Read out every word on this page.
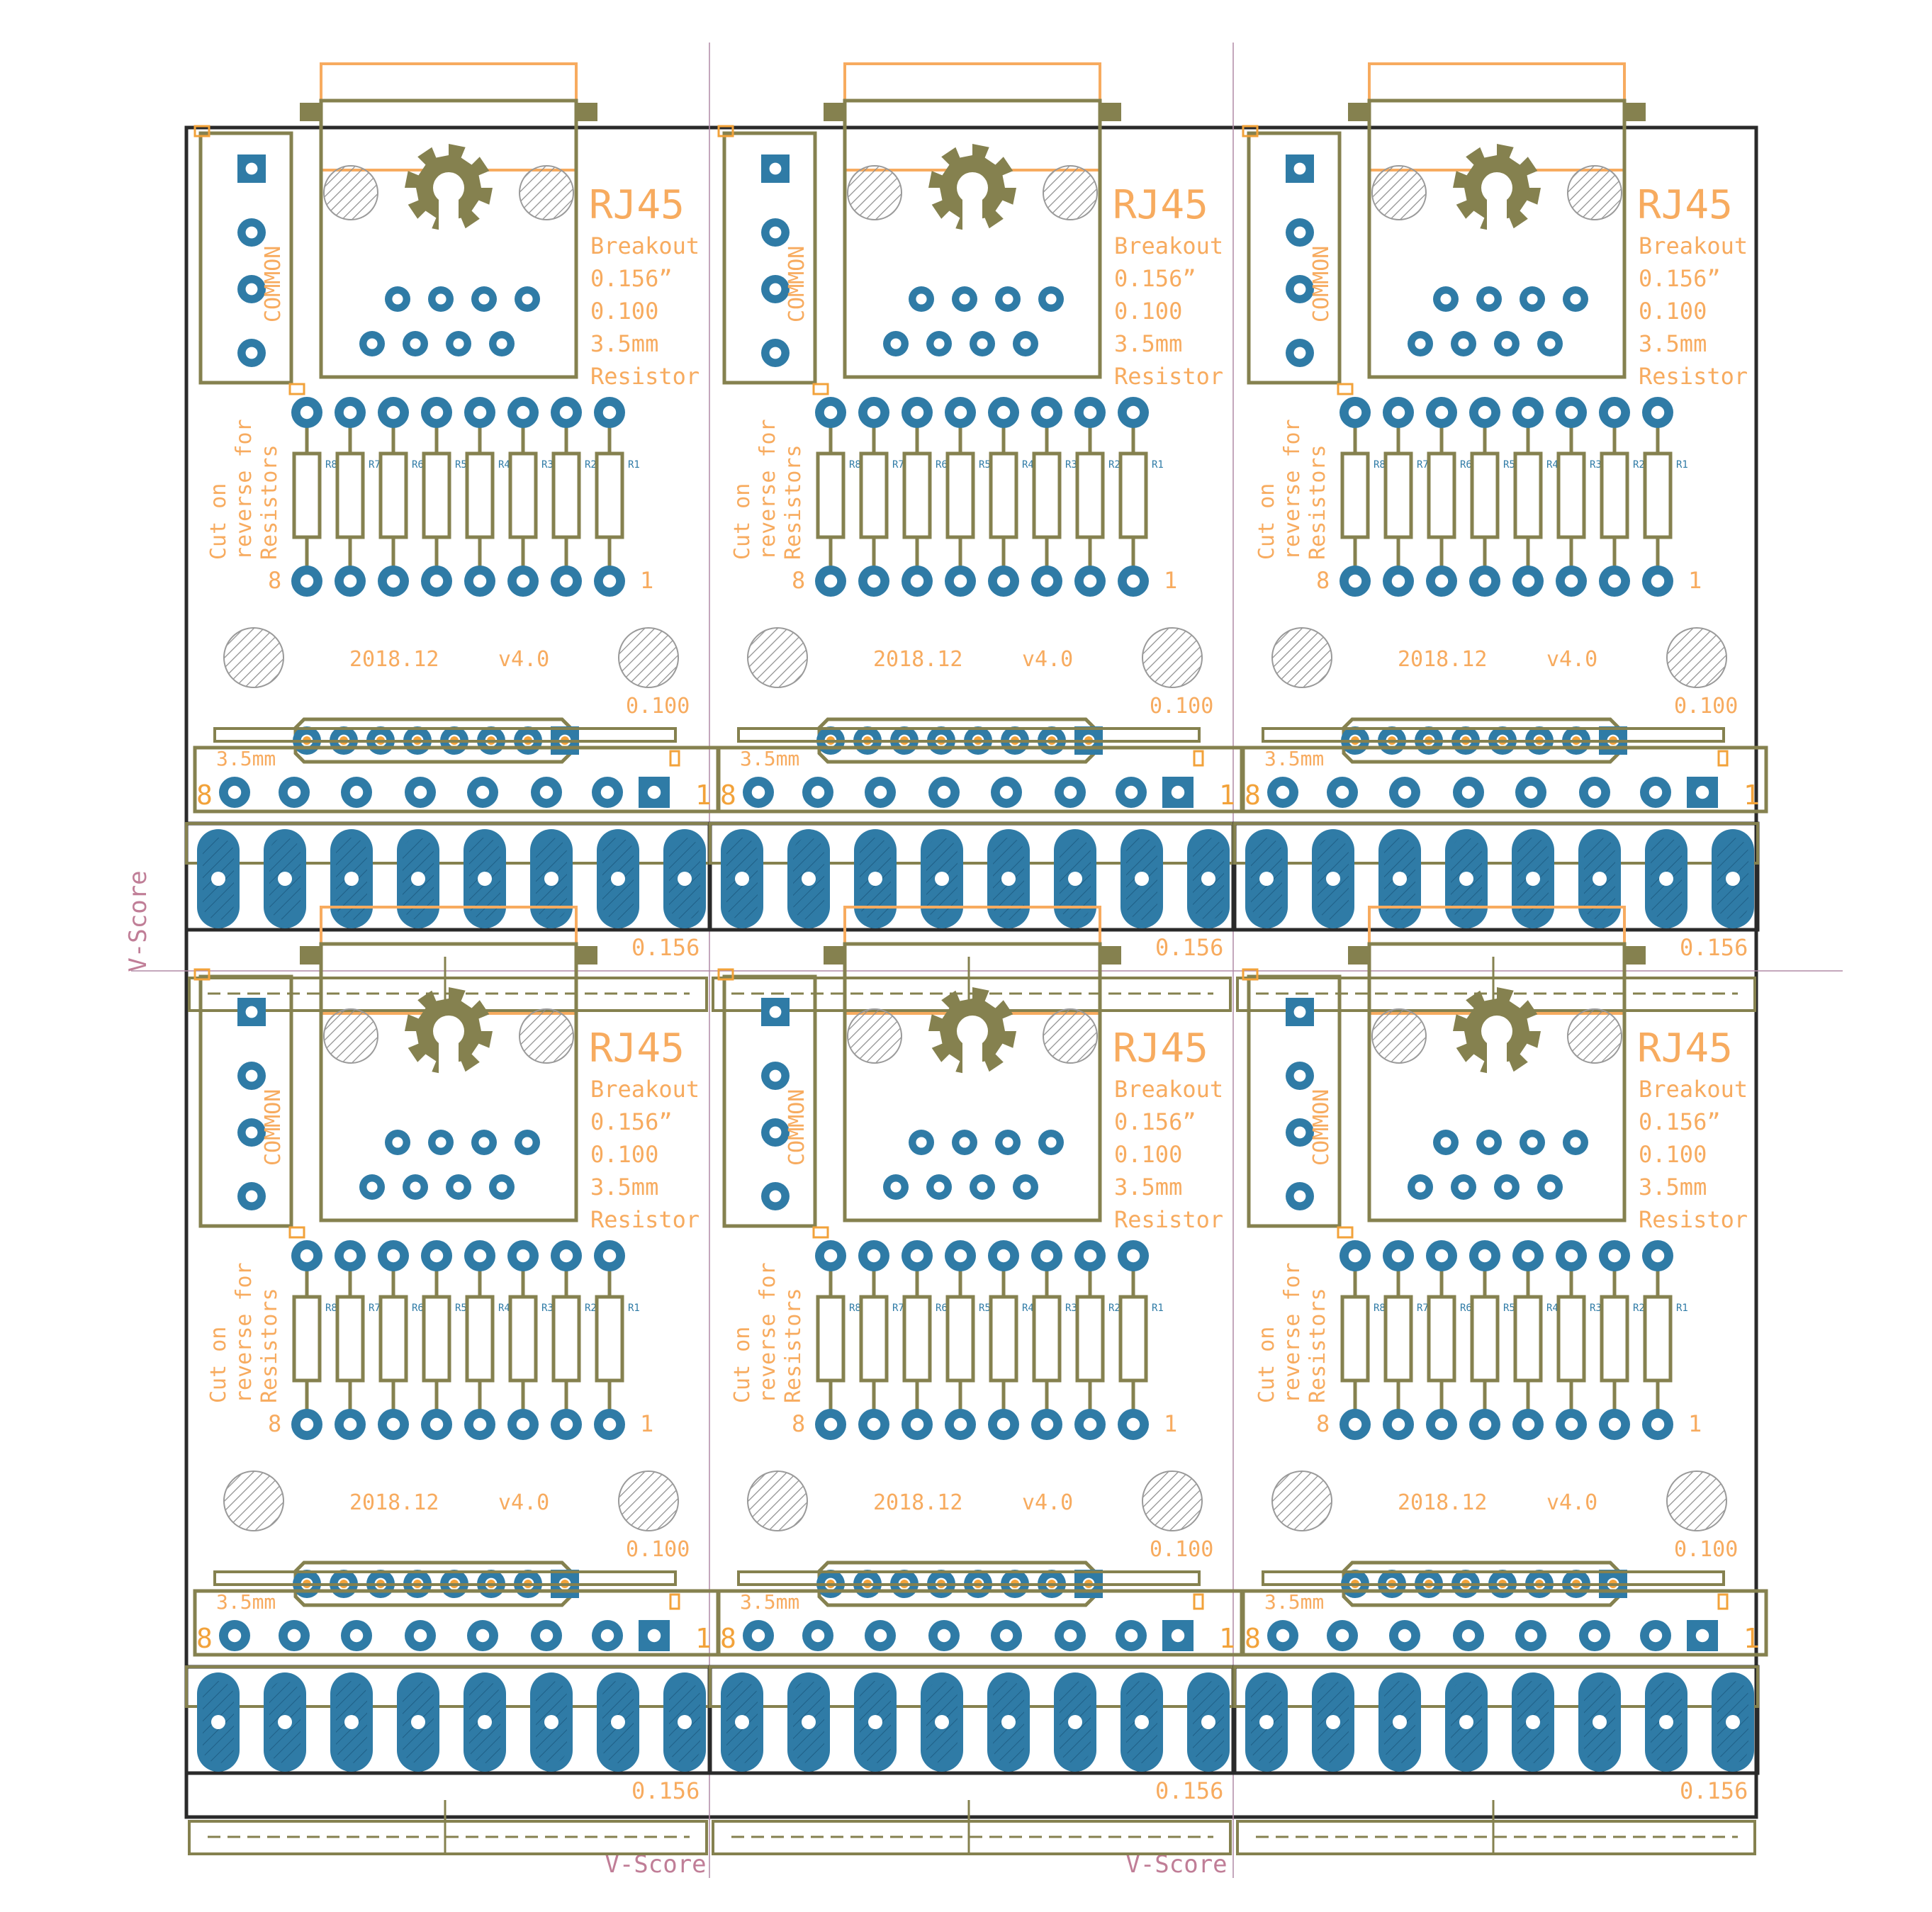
V-Score
V-Score	V-Score
RJ45
Breakout
0.156”
0.100
3.5mm
Resistor
COMMON
Cut on reverse for Resistors	R8	R7	R6	R5	R4	R3	R2	R1
8	1
2018.12	v4.0
0.100
3.5mm
8	1
0.156
RJ45
Breakout
0.156”
0.100
3.5mm
Resistor
COMMON
Cut on reverse for Resistors	R8	R7	R6	R5	R4	R3	R2	R1
8	1
2018.12	v4.0
0.100
3.5mm
8	1
0.156
RJ45
Breakout
0.156”
0.100
3.5mm
Resistor
COMMON
Cut on reverse for Resistors	R8	R7	R6	R5	R4	R3	R2	R1
8	1
2018.12	v4.0
0.100
3.5mm
8	1
0.156
RJ45
Breakout
0.156”
0.100
3.5mm
Resistor
COMMON
Cut on reverse for Resistors	R8	R7	R6	R5	R4	R3	R2	R1
8	1
2018.12	v4.0
0.100
3.5mm
8	1
0.156
RJ45
Breakout
0.156”
0.100
3.5mm
Resistor
COMMON
Cut on reverse for Resistors	R8	R7	R6	R5	R4	R3	R2	R1
8	1
2018.12	v4.0
0.100
3.5mm
8	1
0.156
RJ45
Breakout
0.156”
0.100
3.5mm
Resistor
COMMON
Cut on reverse for Resistors	R8	R7	R6	R5	R4	R3	R2	R1
8	1
2018.12	v4.0
0.100
3.5mm
8	1
0.156
